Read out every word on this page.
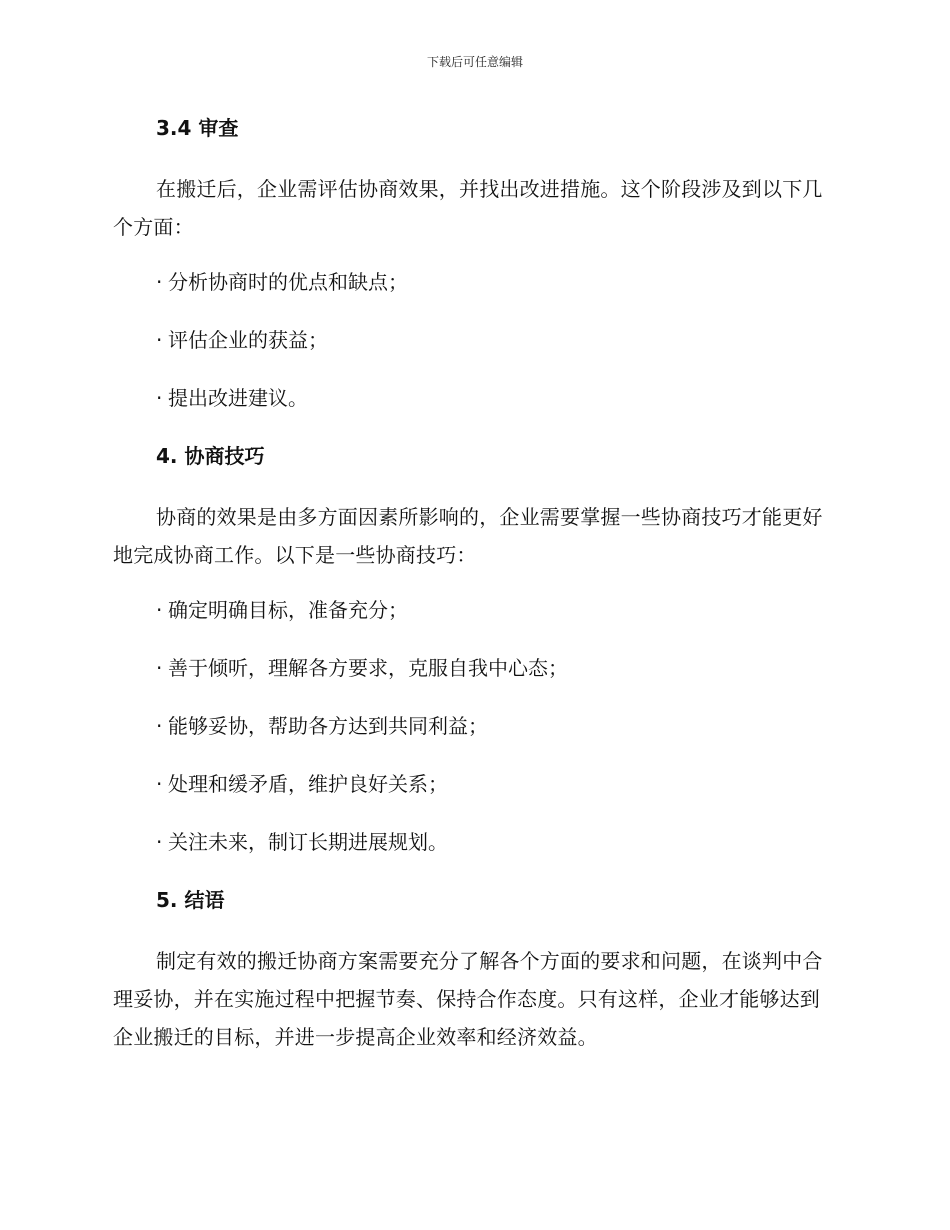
下载后可任意编辑
3.4 审查
在搬迁后，企业需评估协商效果，并找出改进措施。这个阶段涉及到以下几个方面：
· 分析协商时的优点和缺点；
· 评估企业的获益；
· 提出改进建议。
4. 协商技巧
协商的效果是由多方面因素所影响的，企业需要掌握一些协商技巧才能更好地完成协商工作。以下是一些协商技巧：
· 确定明确目标，准备充分；
· 善于倾听，理解各方要求，克服自我中心态；
· 能够妥协，帮助各方达到共同利益；
· 处理和缓矛盾，维护良好关系；
· 关注未来，制订长期进展规划。
5. 结语
制定有效的搬迁协商方案需要充分了解各个方面的要求和问题，在谈判中合理妥协，并在实施过程中把握节奏、保持合作态度。只有这样，企业才能够达到企业搬迁的目标，并进一步提高企业效率和经济效益。
